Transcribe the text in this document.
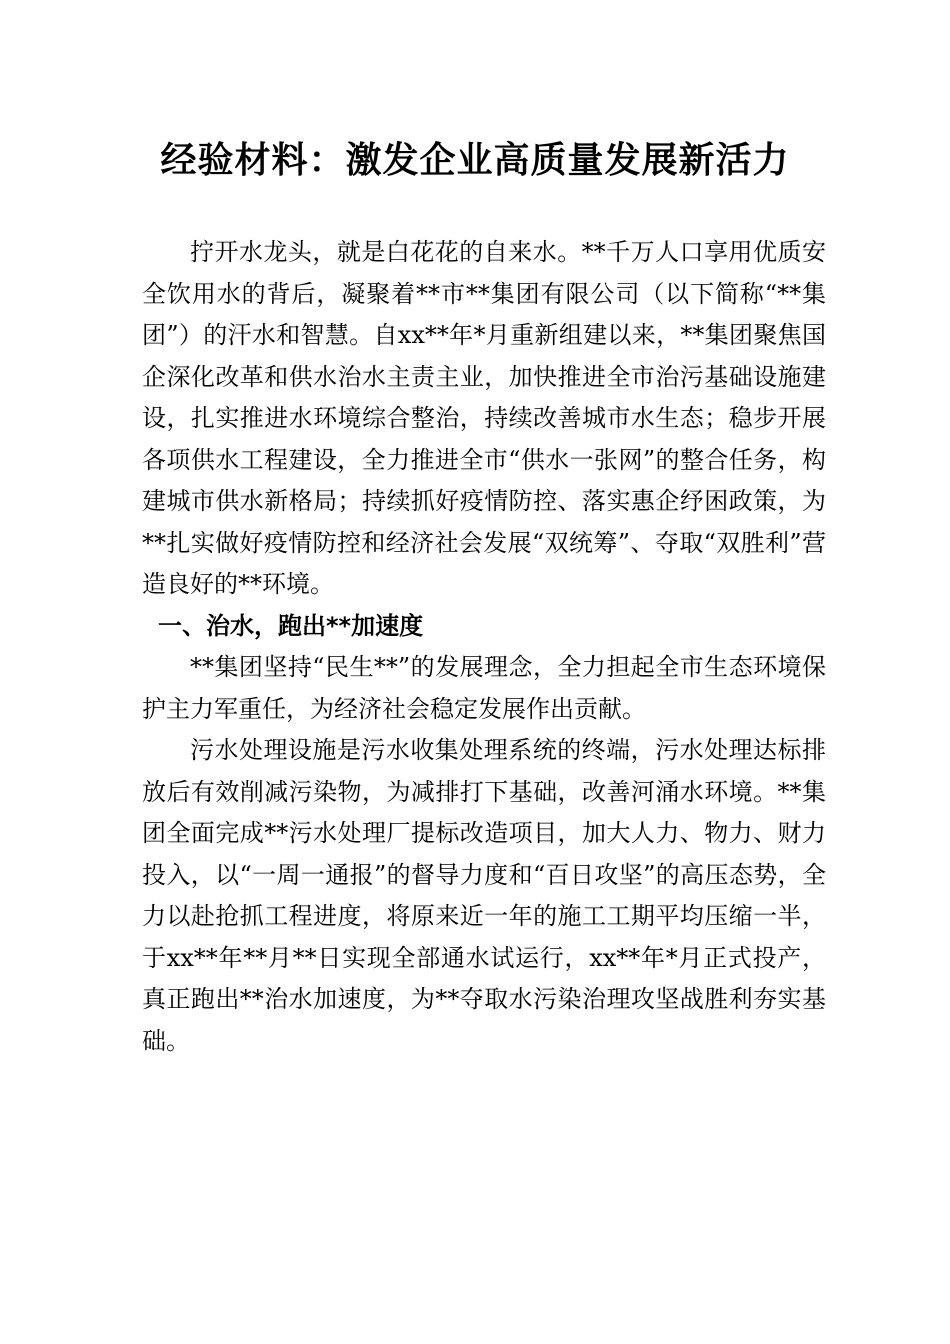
经验材料：激发企业高质量发展新活力

拧开水龙头，就是白花花的自来水。**千万人口享用优质安全饮用水的背后，凝聚着**市**集团有限公司（以下简称“**集团”）的汗水和智慧。自xx**年*月重新组建以来，**集团聚焦国企深化改革和供水治水主责主业，加快推进全市治污基础设施建设，扎实推进水环境综合整治，持续改善城市水生态；稳步开展各项供水工程建设，全力推进全市“供水一张网”的整合任务，构建城市供水新格局；持续抓好疫情防控、落实惠企纾困政策，为**扎实做好疫情防控和经济社会发展“双统筹”、夺取“双胜利”营造良好的**环境。

一、治水，跑出**加速度

**集团坚持“民生**”的发展理念，全力担起全市生态环境保护主力军重任，为经济社会稳定发展作出贡献。

污水处理设施是污水收集处理系统的终端，污水处理达标排放后有效削减污染物，为减排打下基础，改善河涌水环境。**集团全面完成**污水处理厂提标改造项目，加大人力、物力、财力投入，以“一周一通报”的督导力度和“百日攻坚”的高压态势，全力以赴抢抓工程进度，将原来近一年的施工工期平均压缩一半，于xx**年**月**日实现全部通水试运行，xx**年*月正式投产，真正跑出**治水加速度，为**夺取水污染治理攻坚战胜利夯实基础。
